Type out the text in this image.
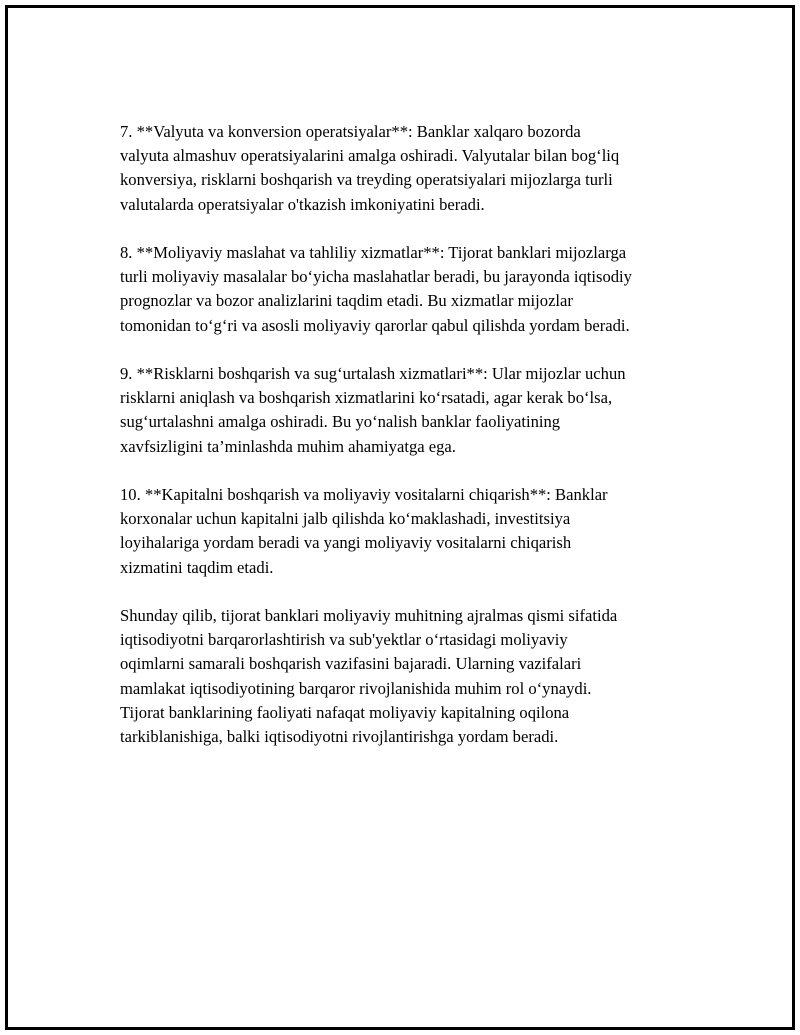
7. **Valyuta va konversion operatsiyalar**: Banklar xalqaro bozorda
valyuta almashuv operatsiyalarini amalga oshiradi. Valyutalar bilan bog‘liq
konversiya, risklarni boshqarish va treyding operatsiyalari mijozlarga turli
valutalarda operatsiyalar o'tkazish imkoniyatini beradi.

8. **Moliyaviy maslahat va tahliliy xizmatlar**: Tijorat banklari mijozlarga
turli moliyaviy masalalar bo‘yicha maslahatlar beradi, bu jarayonda iqtisodiy
prognozlar va bozor analizlarini taqdim etadi. Bu xizmatlar mijozlar
tomonidan to‘g‘ri va asosli moliyaviy qarorlar qabul qilishda yordam beradi.

9. **Risklarni boshqarish va sug‘urtalash xizmatlari**: Ular mijozlar uchun
risklarni aniqlash va boshqarish xizmatlarini ko‘rsatadi, agar kerak bo‘lsa,
sug‘urtalashni amalga oshiradi. Bu yo‘nalish banklar faoliyatining
xavfsizligini ta’minlashda muhim ahamiyatga ega.

10. **Kapitalni boshqarish va moliyaviy vositalarni chiqarish**: Banklar
korxonalar uchun kapitalni jalb qilishda ko‘maklashadi, investitsiya
loyihalariga yordam beradi va yangi moliyaviy vositalarni chiqarish
xizmatini taqdim etadi.

Shunday qilib, tijorat banklari moliyaviy muhitning ajralmas qismi sifatida
iqtisodiyotni barqarorlashtirish va sub'yektlar o‘rtasidagi moliyaviy
oqimlarni samarali boshqarish vazifasini bajaradi. Ularning vazifalari
mamlakat iqtisodiyotining barqaror rivojlanishida muhim rol o‘ynaydi.
Tijorat banklarining faoliyati nafaqat moliyaviy kapitalning oqilona
tarkiblanishiga, balki iqtisodiyotni rivojlantirishga yordam beradi.
